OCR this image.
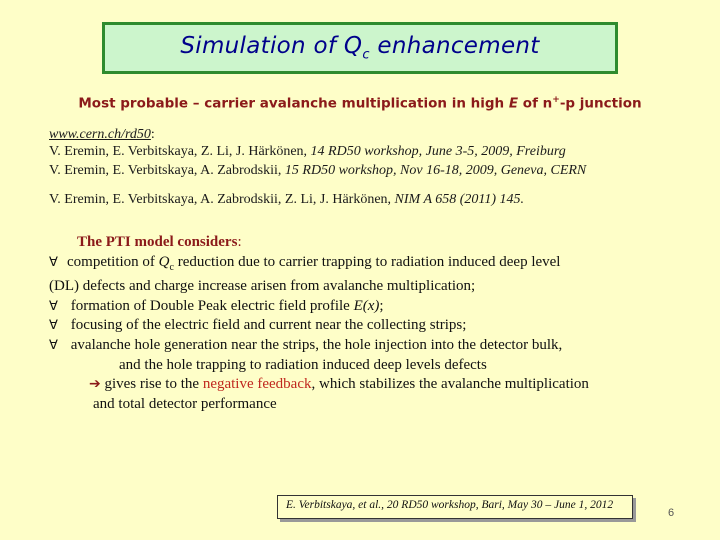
Simulation of $Q_c$ enhancement
Most probable – carrier avalanche multiplication in high E of n+-p junction
www.cern.ch/rd50:
V. Eremin, E. Verbitskaya, Z. Li, J. Härkönen, 14 RD50 workshop, June 3-5, 2009, Freiburg
V. Eremin, E. Verbitskaya, A. Zabrodskii, 15 RD50 workshop, Nov 16-18, 2009, Geneva, CERN
V. Eremin, E. Verbitskaya, A. Zabrodskii, Z. Li, J. Härkönen, NIM A 658 (2011) 145.
The PTI model considers:
∀ competition of $Q_c$ reduction due to carrier trapping to radiation induced deep level
(DL) defects and charge increase arisen from avalanche multiplication;
∀ formation of Double Peak electric field profile E(x);
∀ focusing of the electric field and current near the collecting strips;
∀ avalanche hole generation near the strips, the hole injection into the detector bulk,
and the hole trapping to radiation induced deep levels defects
➔ gives rise to the negative feedback, which stabilizes the avalanche multiplication
and total detector performance
E. Verbitskaya, et al., 20 RD50 workshop, Bari, May 30 – June 1, 2012
6
